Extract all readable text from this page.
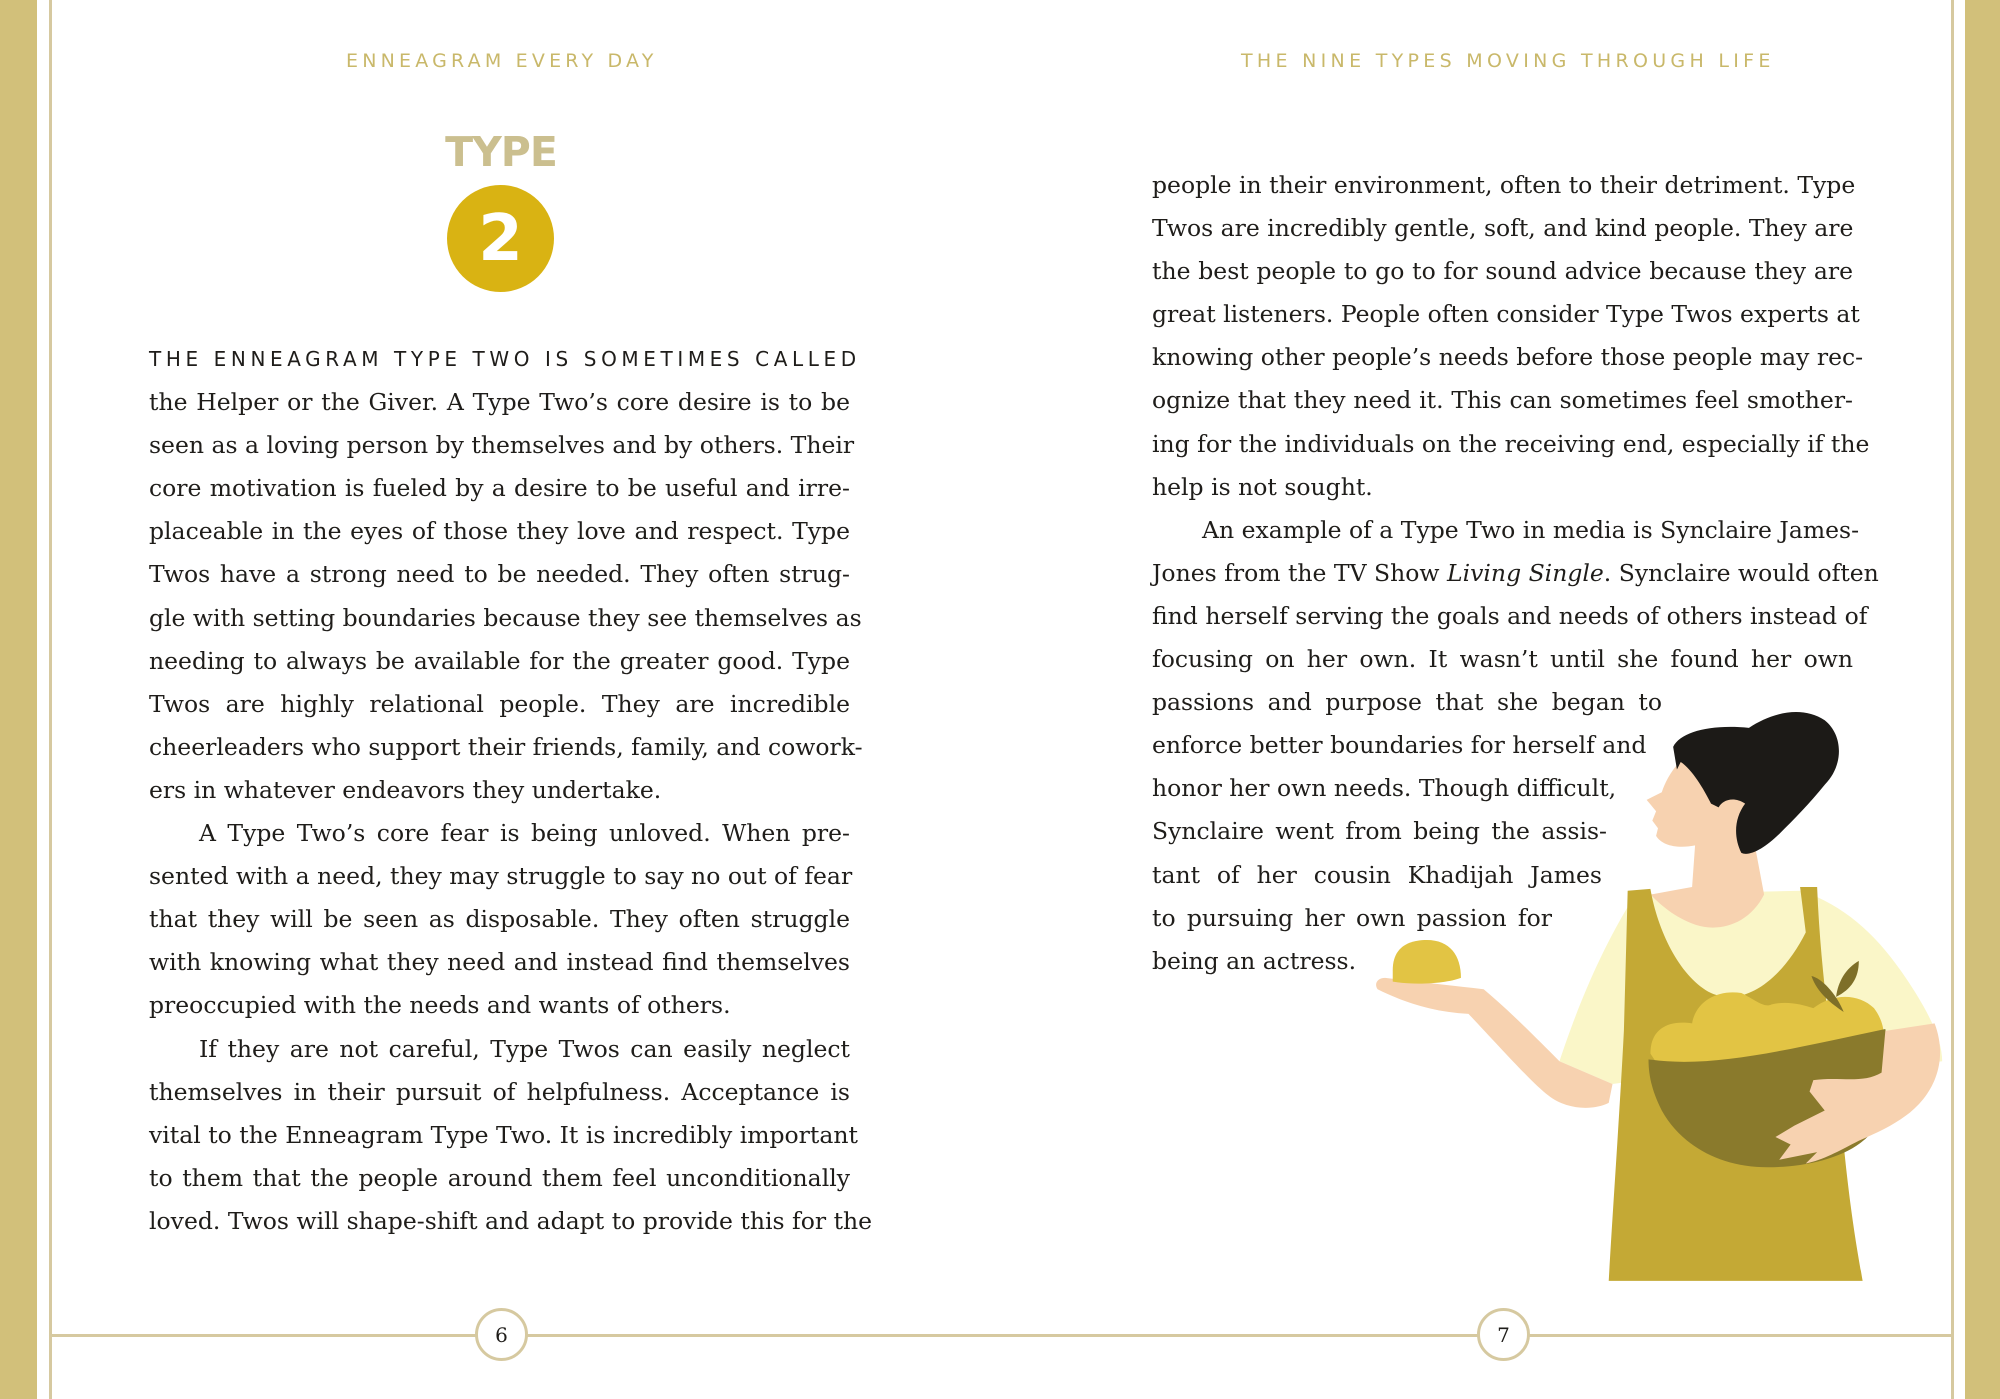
ENNEAGRAM EVERY DAY
TYPE
2
THE ENNEAGRAM TYPE TWO IS SOMETIMES CALLED
the Helper or the Giver. A Type Two’s core desire is to be
seen as a loving person by themselves and by others. Their
core motivation is fueled by a desire to be useful and irre-
placeable in the eyes of those they love and respect. Type
Twos have a strong need to be needed. They often strug-
gle with setting boundaries because they see themselves as
needing to always be available for the greater good. Type
Twos are highly relational people. They are incredible
cheerleaders who support their friends, family, and cowork-
ers in whatever endeavors they undertake.
A Type Two’s core fear is being unloved. When pre-
sented with a need, they may struggle to say no out of fear
that they will be seen as disposable. They often struggle
with knowing what they need and instead find themselves
preoccupied with the needs and wants of others.
If they are not careful, Type Twos can easily neglect
themselves in their pursuit of helpfulness. Acceptance is
vital to the Enneagram Type Two. It is incredibly important
to them that the people around them feel unconditionally
loved. Twos will shape-shift and adapt to provide this for the
6
THE NINE TYPES MOVING THROUGH LIFE
people in their environment, often to their detriment. Type
Twos are incredibly gentle, soft, and kind people. They are
the best people to go to for sound advice because they are
great listeners. People often consider Type Twos experts at
knowing other people’s needs before those people may rec-
ognize that they need it. This can sometimes feel smother-
ing for the individuals on the receiving end, especially if the
help is not sought.
An example of a Type Two in media is Synclaire James-
Jones from the TV Show Living Single. Synclaire would often
find herself serving the goals and needs of others instead of
focusing on her own. It wasn’t until she found her own
passions and purpose that she began to
enforce better boundaries for herself and
honor her own needs. Though difficult,
Synclaire went from being the assis-
tant of her cousin Khadijah James
to pursuing her own passion for
being an actress.
7
